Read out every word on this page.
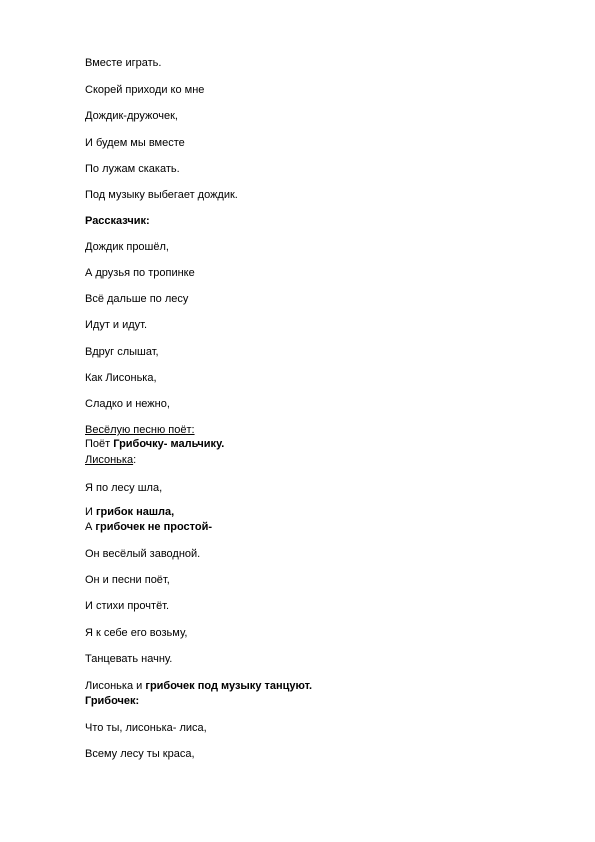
Вместе играть.
Скорей приходи ко мне
Дождик-дружочек,
И будем мы вместе
По лужам скакать.
Под музыку выбегает дождик.
Рассказчик:
Дождик прошёл,
А друзья по тропинке
Всё дальше по лесу
Идут и идут.
Вдруг слышат,
Как Лисонька,
Сладко и нежно,
Весёлую песню поёт:
Поёт Грибочку- мальчику.
Лисонька:
Я по лесу шла,
И грибок нашла,
А грибочек не простой-
Он весёлый заводной.
Он и песни поёт,
И стихи прочтёт.
Я к себе его возьму,
Танцевать начну.
Лисонька и грибочек под музыку танцуют.
Грибочек:
Что ты, лисонька- лиса,
Всему лесу ты краса,
